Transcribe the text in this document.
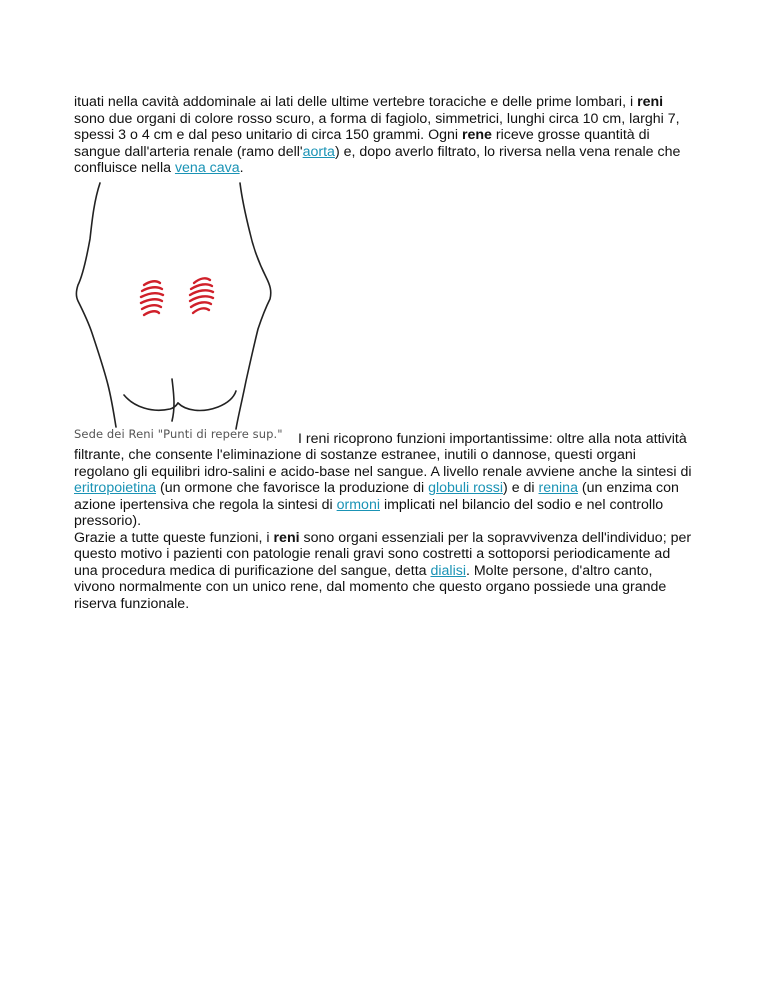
ituati nella cavità addominale ai lati delle ultime vertebre toraciche e delle prime lombari, i reni sono due organi di colore rosso scuro, a forma di fagiolo, simmetrici, lunghi circa 10 cm, larghi 7, spessi 3 o 4 cm e dal peso unitario di circa 150 grammi. Ogni rene riceve grosse quantità di sangue dall'arteria renale (ramo dell'aorta) e, dopo averlo filtrato, lo riversa nella vena renale che confluisce nella vena cava.

Sede dei Reni "Punti di repere sup."	I reni ricoprono funzioni importantissime: oltre alla nota attività filtrante, che consente l'eliminazione di sostanze estranee, inutili o dannose, questi organi regolano gli equilibri idro-salini e acido-base nel sangue. A livello renale avviene anche la sintesi di eritropoietina (un ormone che favorisce la produzione di globuli rossi) e di renina (un enzima con azione ipertensiva che regola la sintesi di ormoni implicati nel bilancio del sodio e nel controllo pressorio).

Grazie a tutte queste funzioni, i reni sono organi essenziali per la sopravvivenza dell'individuo; per questo motivo i pazienti con patologie renali gravi sono costretti a sottoporsi periodicamente ad una procedura medica di purificazione del sangue, detta dialisi. Molte persone, d'altro canto, vivono normalmente con un unico rene, dal momento che questo organo possiede una grande riserva funzionale.
